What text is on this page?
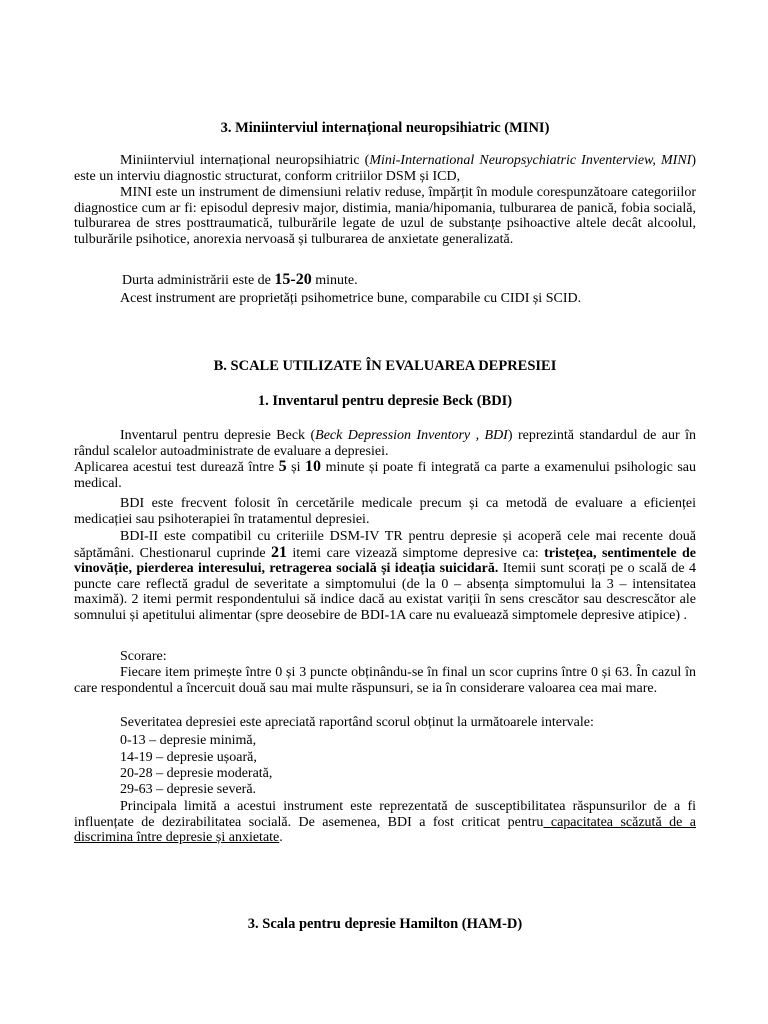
3. Miniinterviul internațional neuropsihiatric (MINI)
Miniinterviul internațional neuropsihiatric (Mini-International Neuropsychiatric Inventerview, MINI) este un interviu diagnostic structurat, conform critriilor DSM și ICD,
MINI este un instrument de dimensiuni relativ reduse, împărțit în module corespunzătoare categoriilor diagnostice cum ar fi: episodul depresiv major, distimia, mania/hipomania, tulburarea de panică, fobia socială, tulburarea de stres posttraumatică, tulburările legate de uzul de substanțe psihoactive altele decât alcoolul, tulburările psihotice, anorexia nervoasă și tulburarea de anxietate generalizată.
Durta administrării este de 15-20 minute.
Acest instrument are proprietăți psihometrice bune, comparabile cu CIDI și SCID.
B. SCALE UTILIZATE ÎN EVALUAREA DEPRESIEI
1. Inventarul pentru depresie Beck (BDI)
Inventarul pentru depresie Beck (Beck Depression Inventory , BDI) reprezintă standardul de aur în rândul scalelor autoadministrate de evaluare a depresiei.
Aplicarea acestui test durează între 5 și 10 minute și poate fi integrată ca parte a examenului psihologic sau medical.
BDI este frecvent folosit în cercetările medicale precum și ca metodă de evaluare a eficienței medicației sau psihoterapiei în tratamentul depresiei.
BDI-II este compatibil cu criteriile DSM-IV TR pentru depresie și acoperă cele mai recente două săptămâni. Chestionarul cuprinde 21 itemi care vizează simptome depresive ca: tristețea, sentimentele de vinovăție, pierderea interesului, retragerea socială și ideația suicidară. Itemii sunt scorați pe o scală de 4 puncte care reflectă gradul de severitate a simptomului (de la 0 – absența simptomului la 3 – intensitatea maximă). 2 itemi permit respondentului să indice dacă au existat variții în sens crescător sau descrescător ale somnului și apetitului alimentar (spre deosebire de BDI-1A care nu evaluează simptomele depresive atipice) .
Scorare:
Fiecare item primește între 0 și 3 puncte obținându-se în final un scor cuprins între 0 și 63. În cazul în care respondentul a încercuit două sau mai multe răspunsuri, se ia în considerare valoarea cea mai mare.
Severitatea depresiei este apreciată raportând scorul obținut la următoarele intervale:
0-13 – depresie minimă,
14-19 – depresie ușoară,
20-28 – depresie moderată,
29-63 – depresie severă.
Principala limită a acestui instrument este reprezentată de susceptibilitatea răspunsurilor de a fi influențate de dezirabilitatea socială. De asemenea, BDI a fost criticat pentru capacitatea scăzută de a discrimina între depresie și anxietate.
3. Scala pentru depresie Hamilton (HAM-D)
